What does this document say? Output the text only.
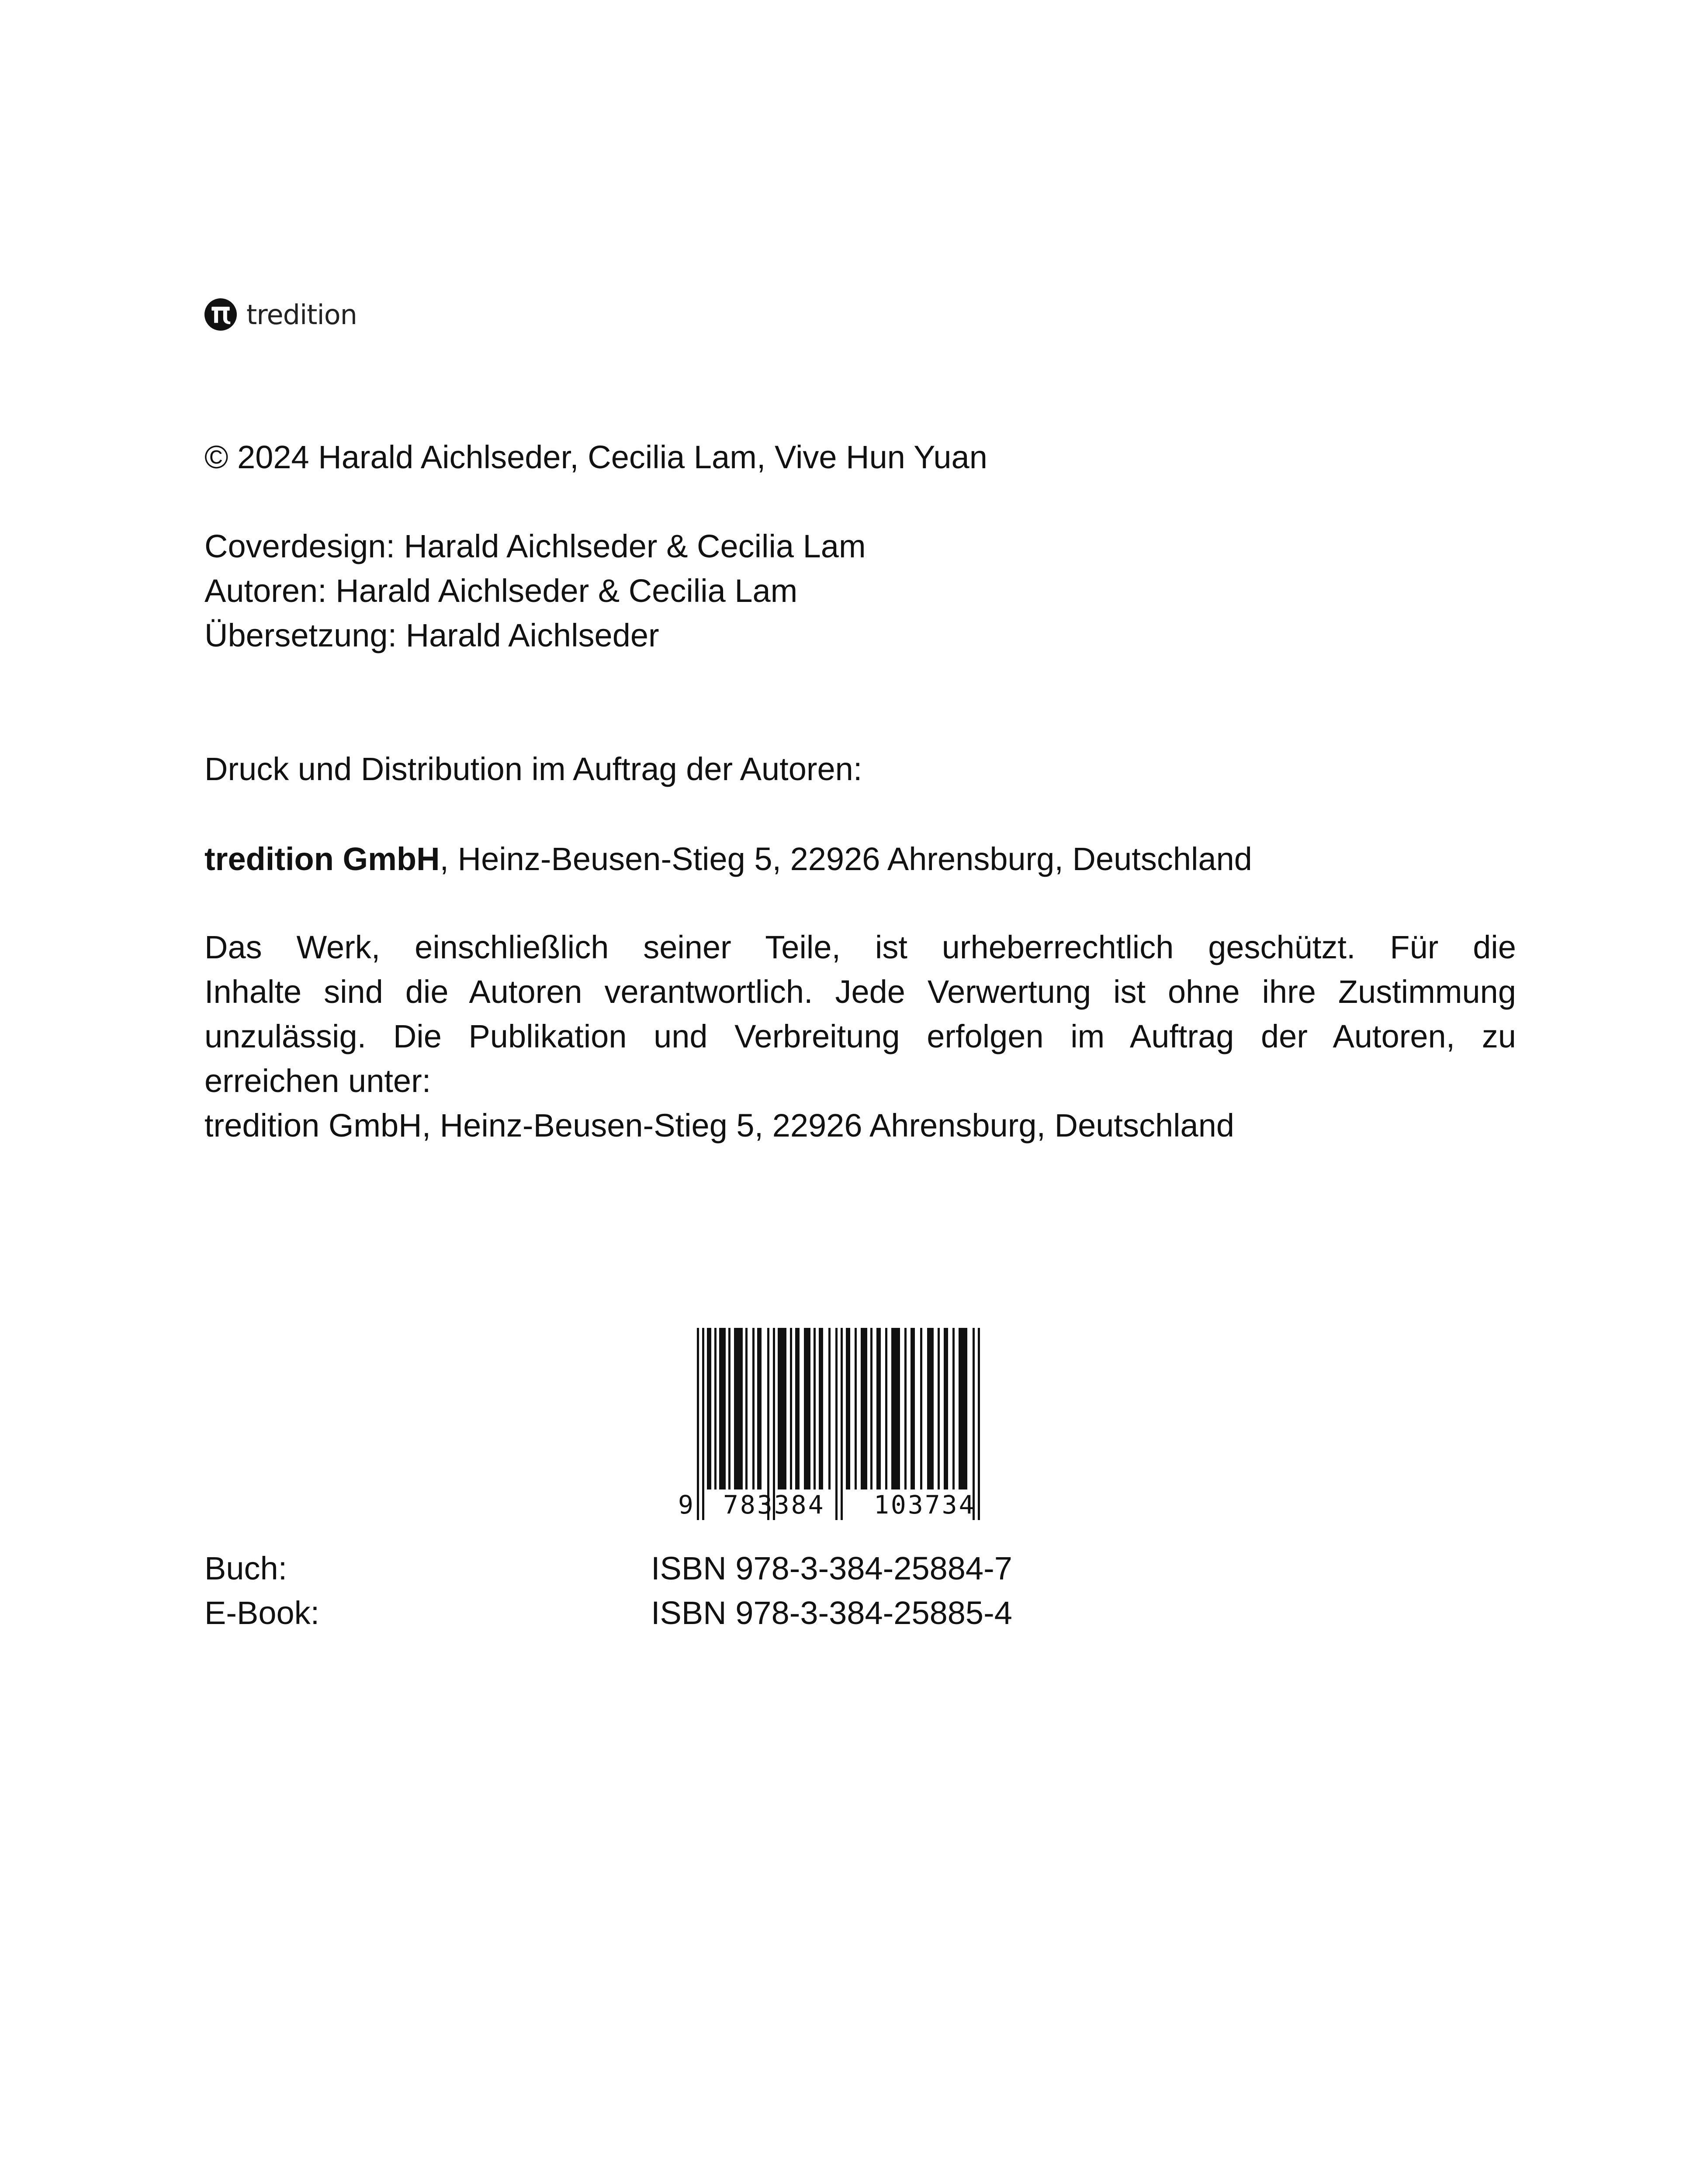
tredition
© 2024 Harald Aichlseder, Cecilia Lam, Vive Hun Yuan
Coverdesign: Harald Aichlseder & Cecilia Lam
Autoren: Harald Aichlseder & Cecilia Lam
Übersetzung: Harald Aichlseder
Druck und Distribution im Auftrag der Autoren:
tredition GmbH, Heinz-Beusen-Stieg 5, 22926 Ahrensburg, Deutschland
Das Werk, einschließlich seiner Teile, ist urheberrechtlich geschützt. Für die
Inhalte sind die Autoren verantwortlich. Jede Verwertung ist ohne ihre Zustimmung
unzulässig. Die Publikation und Verbreitung erfolgen im Auftrag der Autoren, zu
erreichen unter:
tredition GmbH, Heinz-Beusen-Stieg 5, 22926 Ahrensburg, Deutschland
9 783384 103734
Buch:
E-Book:
ISBN 978-3-384-25884-7
ISBN 978-3-384-25885-4
